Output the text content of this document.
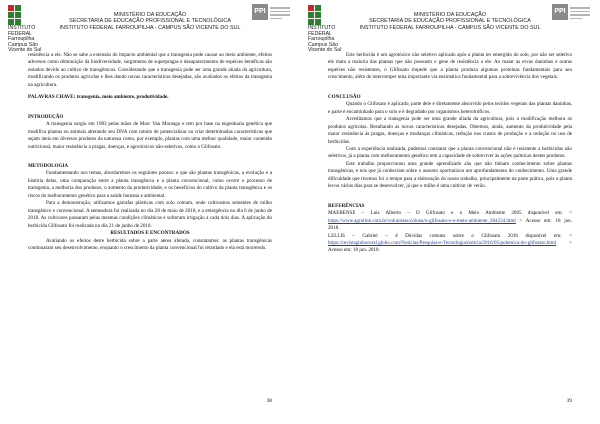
INSTITUTO
FEDERAL
Farroupilha
Campus São Vicente do Sul
MINISTÉRIO DA EDUCAÇÃO
SECRETARIA DE EDUCAÇÃO PROFISSIONAL E TECNOLÓGICA
INSTITUTO FEDERAL FARROUPILHA - CAMPUS SÃO VICENTE DO SUL
PPI

resistência a ele. Não se sabe a extensão do impacto ambiental que a transgenia pode causar ao meio ambiente, efeitos adversos como diminuição da biodiversidade, surgimento de superpragas e desaparecimento de espécies benéficas são notados devido ao cultivo de transgênicos. Considerando que a transgenia pode ser uma grande aliada da agricultura, modificando os produtos agrícolas e lhes dando novas características desejadas, são avaliados os efeitos da transgenia na agricultura.

PALAVRAS CHAVE: transgenia, meio ambiente, produtividade.

INTRODUÇÃO

A transgenia surgiu em 1983 pelas mãos de Marc Van Montagu e tem por base na engenharia genética que modifica plantas ou animais alterando seu DNA com intuito de potencializar ou criar determinadas características que sejam úteis em diversos produtos da natureza como, por exemplo, plantas com uma melhor qualidade, maior conteúdo nutricional, maior resistência a pragas, doenças, e agrotóxicos não-seletivos, como o Glifosato.

METODOLOGIA

Fundamentando nos temas, abordaremos os seguintes pontos: o que são plantas transgênicas, a evolução e a história delas, uma comparação entre a planta transgênica e a planta convencional, como ocorre o processo de transgenia, a melhoria dos produtos, o aumento da produtividade, e os benefícios do cultivo da planta transgênica e os riscos do melhoramento genético para a saúde humana e ambiental.

Para a demonstração, utilizamos garrafas plásticas com solo comum, onde cultivamos sementes de milho transgênico e convencional. A semeadura foi realizada no dia 28 de maio de 2018, e a emergência no dia 6 de junho de 2018. As cultivares passaram pelas mesmas condições climáticas e sofreram irrigação a cada dois dias. A aplicação do herbicida Glifosato foi realizada no dia 21 de junho de 2018.

RESULTADOS E ENCONTRADOS

Avaliando os efeitos deste herbicida sobre a parte aérea afetada, constatamos: as plantas transgênicas continuaram seu desenvolvimento, enquanto o crescimento da planta convencional foi retardado e ela está morrendo.

38
INSTITUTO
FEDERAL
Farroupilha
Campus São Vicente do Sul
MINISTÉRIO DA EDUCAÇÃO
SECRETARIA DE EDUCAÇÃO PROFISSIONAL E TECNOLÓGICA
INSTITUTO FEDERAL FARROUPILHA - CAMPUS SÃO VICENTE DO SUL
PPI

Este herbicida é um agrotóxico não seletivo aplicado após a planta ter emergido do solo, por não ser seletivo ele mata a maioria das plantas que não possuem o gene de resistência a ele. Ao matar as ervas daninhas e outras espécies não resistentes, o Glifosato impede que a planta produza algumas proteínas fundamentais para seu crescimento, além de interromper uma importante via enzimática fundamental para a sobrevivência dos vegetais.

CONCLUSÃO

Quando o Glifosato é aplicado, parte dele é diretamente absorvido pelos tecidos vegetais das plantas daninhas, e parte é encaminhado para o solo e é degradado por organismos heterotróficos.

Acreditamos que a transgenia pode ser uma grande aliada da agricultura, pois a modificação melhora os produtos agrícolas. Resultando as novas características desejadas. Obtemos, ainda, aumento da produtividade pela maior resistência às pragas, doenças e mudanças climáticas, redução nos custos de produção e a redução no uso de herbicidas.

Com a experiência realizada, pudemos constatar que a planta convencional não é resistente a herbicidas não seletivos, já a planta com melhoramento genético tem a capacidade de sobreviver às ações químicas destes produtos.

Este trabalho proporcionou uma grande aprendizado zão que não tínham conhecimento sobre plantas transgênicas, e nos que já conhecíam sobre o assunto oportunizou um aprofundamento do conhecimento. Uma grande dificuldade que tivemos foi o tempo para a elaboração do nosso trabalho, principalmente na parte prática, pois a planta levou vários dias para se desenvolver, já que o milho é uma cultivar de verão.

REFERÊNCIAS

MAEBENSE – Luis Alberto – O Glifosato e o Meio Ambiente 2005 disponível em: < https://www.agrolink.com.br/colunistas/coluna/o-glifosato-e-o-meio-ambiente_384234.html > Acesso em: 18 jun. 2018.

LELLIS – Gabriel – 4 Dúvidas comuns sobre o Glifosato 2016 disponível em: < https://revistagloborural.globo.com/Noticias/Pesquisa-e-Tecnologia/noticia/2016/05/polemica-do-glifosato.html	> Acesso em: 18 jun. 2018.

39
